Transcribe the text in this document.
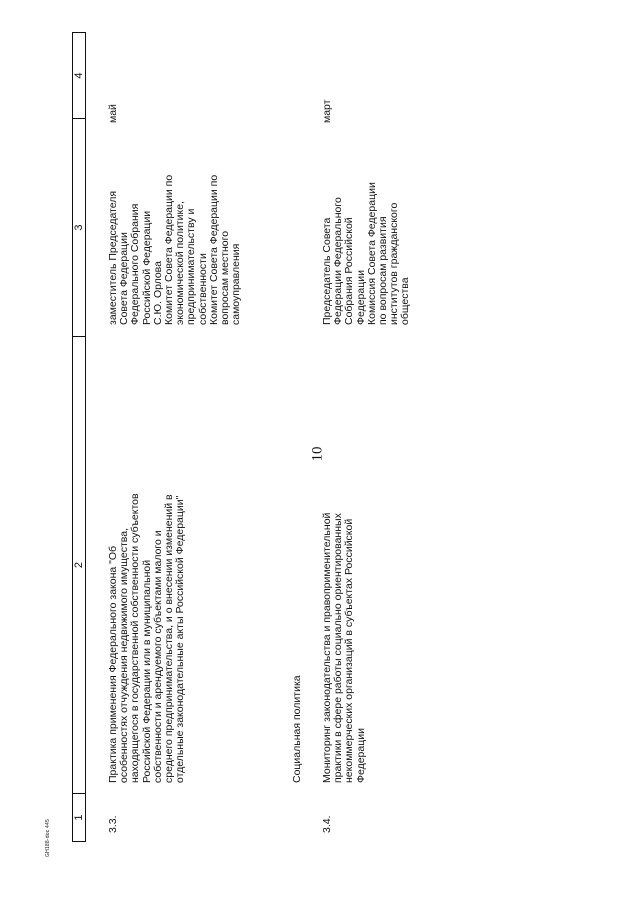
10
GН188-doc 445
1
2
3
4
3.3.
Практика применения Федерального закона "Об
особенностях отчуждения недвижимого имущества,
находящегося в государственной собственности субъектов
Российской Федерации или в муниципальной
собственности и арендуемого субъектами малого и
среднего предпринимательства, и о внесении изменений в
отдельные законодательные акты Российской Федерации"
заместитель Председателя
Совета Федерации
Федерального Собрания
Российской Федерации
С.Ю. Орлова
Комитет Совета Федерации по
экономической политике,
предпринимательству и
собственности
Комитет Совета Федерации по
вопросам местного
самоуправления
май
Социальная политика
3.4.
Мониторинг законодательства и правоприменительной
практики в сфере работы социально ориентированных
некоммерческих организаций в субъектах Российской
Федерации
Председатель Совета
Федерации Федерального
Собрания Российской
Федерации
Комиссия Совета Федерации
по вопросам развития
институтов гражданского
общества
март
